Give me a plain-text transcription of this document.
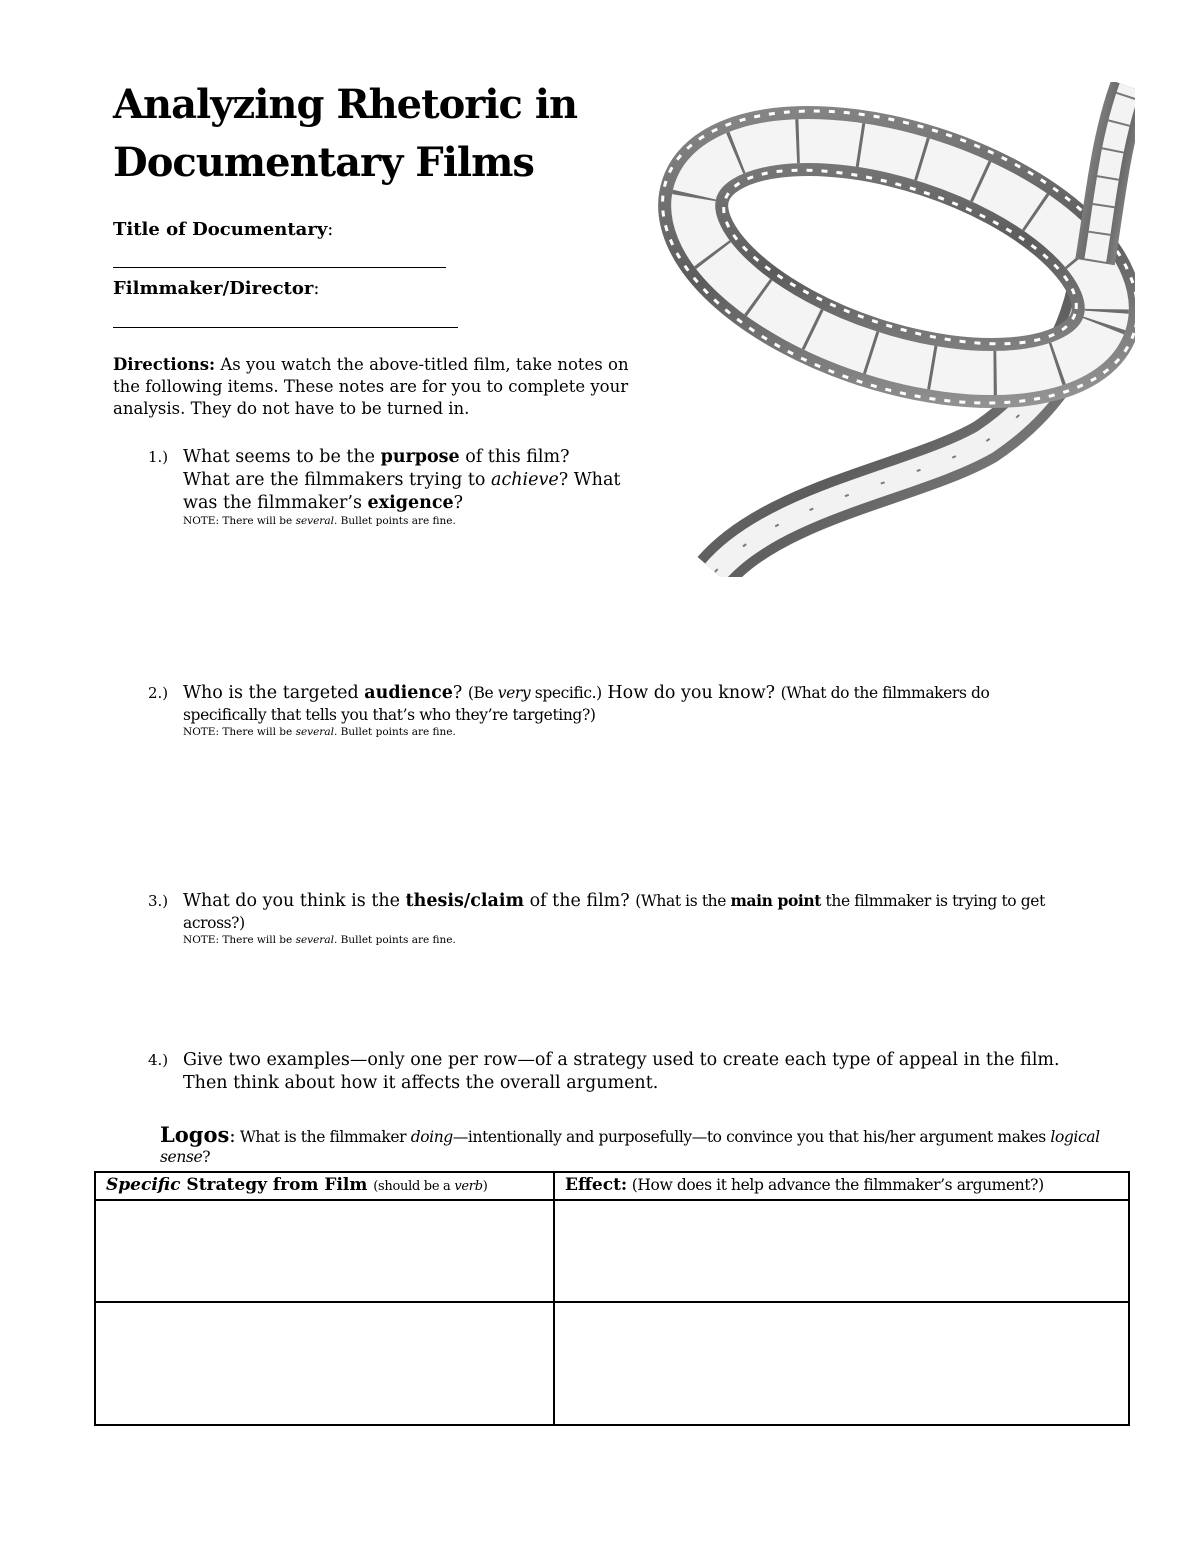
Analyzing Rhetoric in
Documentary Films
Title of Documentary:
Filmmaker/Director:
Directions: As you watch the above-titled film, take notes on the following items. These notes are for you to complete your analysis. They do not have to be turned in.
1.) What seems to be the purpose of this film?
What are the filmmakers trying to achieve? What
was the filmmaker’s exigence?
NOTE: There will be several. Bullet points are fine.
2.) Who is the targeted audience? (Be very specific.) How do you know? (What do the filmmakers do specifically that tells you that’s who they’re targeting?)
NOTE: There will be several. Bullet points are fine.
3.) What do you think is the thesis/claim of the film? (What is the main point the filmmaker is trying to get across?)
NOTE: There will be several. Bullet points are fine.
4.) Give two examples—only one per row—of a strategy used to create each type of appeal in the film. Then think about how it affects the overall argument.
Logos: What is the filmmaker doing—intentionally and purposefully—to convince you that his/her argument makes logical sense?
Specific Strategy from Film (should be a verb)	Effect: (How does it help advance the filmmaker’s argument?)
